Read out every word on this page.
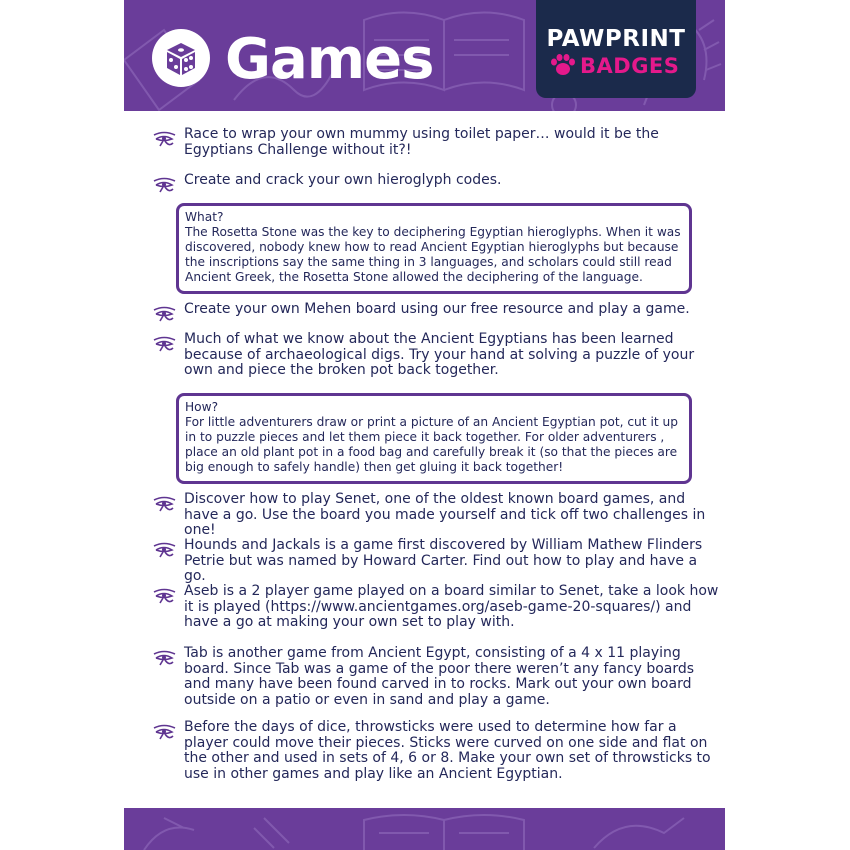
Games	PAWPRINT
BADGES
Race to wrap your own mummy using toilet paper… would it be the Egyptians Challenge without it?!
Create and crack your own hieroglyph codes.
What?
The Rosetta Stone was the key to deciphering Egyptian hieroglyphs. When it was discovered, nobody knew how to read Ancient Egyptian hieroglyphs but because the inscriptions say the same thing in 3 languages, and scholars could still read Ancient Greek, the Rosetta Stone allowed the deciphering of the language.
Create your own Mehen board using our free resource and play a game.
Much of what we know about the Ancient Egyptians has been learned because of archaeological digs. Try your hand at solving a puzzle of your own and piece the broken pot back together.
How?
For little adventurers draw or print a picture of an Ancient Egyptian pot, cut it up in to puzzle pieces and let them piece it back together. For older adventurers , place an old plant pot in a food bag and carefully break it (so that the pieces are big enough to safely handle) then get gluing it back together!
Discover how to play Senet, one of the oldest known board games, and have a go. Use the board you made yourself and tick off two challenges in one!
Hounds and Jackals is a game first discovered by William Mathew Flinders Petrie but was named by Howard Carter. Find out how to play and have a go.
Aseb is a 2 player game played on a board similar to Senet, take a look how it is played (https://www.ancientgames.org/aseb-game-20-squares/) and have a go at making your own set to play with.
Tab is another game from Ancient Egypt, consisting of a 4 x 11 playing board. Since Tab was a game of the poor there weren’t any fancy boards and many have been found carved in to rocks. Mark out your own board outside on a patio or even in sand and play a game.
Before the days of dice, throwsticks were used to determine how far a player could move their pieces. Sticks were curved on one side and flat on the other and used in sets of 4, 6 or 8. Make your own set of throwsticks to use in other games and play like an Ancient Egyptian.
